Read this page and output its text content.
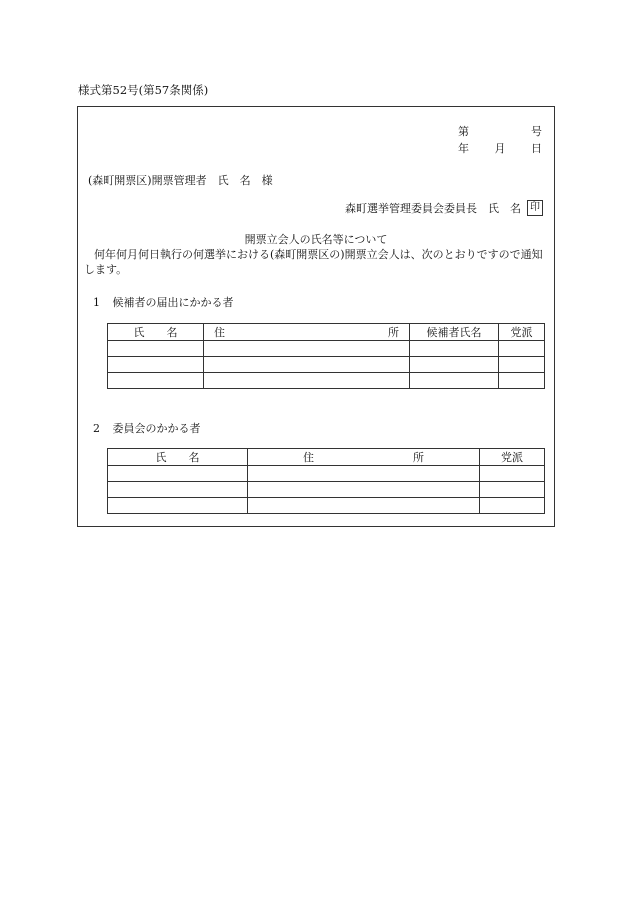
様式第52号(第57条関係)
第	号
年 月 日
(森町開票区)開票管理者　氏　名　様
森町選挙管理委員会委員長　氏　名 印
開票立会人の氏名等について
何年何月何日執行の何選挙における(森町開票区の)開票立会人は、次のとおりですので通知します。
1 候補者の届出にかかる者
氏　　名	住 所	候補者氏名	党派

2 委員会のかかる者
氏　　名	住 所	党派
